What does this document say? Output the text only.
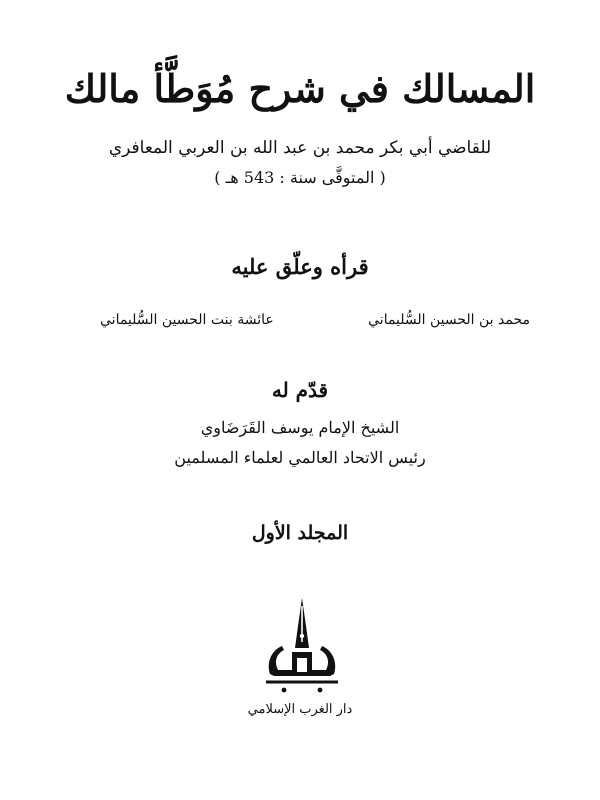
المسالك في شرح مُوَطَّأ مالك
للقاضي أبي بكر محمد بن عبد الله بن العربي المعافري
( المتوفَّى سنة : 543 هـ )
قرأه وعلّق عليه
محمد بن الحسين السُّليماني
عائشة بنت الحسين السُّليماني
قدّم له
الشيخ الإمام يوسف القَرَضَاوي
رئيس الاتحاد العالمي لعلماء المسلمين
المجلد الأول
دار الغرب الإسلامي
